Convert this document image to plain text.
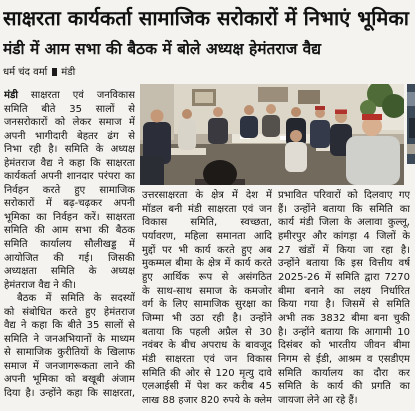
साक्षरता कार्यकर्ता सामाजिक सरोकारों में निभाएं भूमिका
मंडी में आम सभा की बैठक में बोले अध्यक्ष हेमंतराज वैद्य
धर्म चंद वर्मा मंडी
मंडी साक्षरता एवं जनविकास
समिति बीते 35 सालों से
जनसरोकारों को लेकर समाज में
अपनी भागीदारी बेहतर ढंग से
निभा रही है। समिति के अध्यक्ष
हेमंतराज वैद्य ने कहा कि साक्षरता
कार्यकर्ता अपनी शानदार परंपरा का
निर्वहन करते हुए सामाजिक
सरोकारों में बढ़-चढ़कर अपनी
भूमिका का निर्वहन करें। साक्षरता
समिति की आम सभा की बैठक
समिति कार्यालय सौलीखड्ड में
आयोजित की गई। जिसकी
अध्यक्षता समिति के अध्यक्ष
हेमंतराज वैद्य ने की।
बैठक में समिति के सदस्यों
को संबोधित करते हुए हेमंतराज
वैद्य ने कहा कि बीते 35 सालों से
समिति ने जनअभियानों के माध्यम
से सामाजिक कुरीतियों के खिलाफ
समाज में जनजागरूकता लाने की
अपनी भूमिका को बखूबी अंजाम
दिया है। उन्होंने कहा कि साक्षरता,
उत्तरसाक्षरता के क्षेत्र में देश में
मॉडल बनी मंडी साक्षरता एवं जन
विकास समिति, स्वच्छता,
पर्यावरण, महिला समानता आदि
मुद्दों पर भी कार्य करते हुए अब
मुकम्मल बीमा के क्षेत्र में कार्य करते
हुए आर्थिक रूप से असंगठित
के साथ-साथ समाज के कमजोर
वर्ग के लिए सामाजिक सुरक्षा का
जिम्मा भी उठा रही है। उन्होंने
बताया कि पहली अप्रैल से 30
नवंबर के बीच अपराध के बावजूद
मंडी साक्षरता एवं जन विकास
समिति की ओर से 120 मृत्यु दावे
एलआईसी में पेश कर करीब 45
लाख 88 हजार 820 रुपये के क्लेम
प्रभावित परिवारों को दिलवाए गए
हैं। उन्होंने बताया कि समिति का
कार्य मंडी जिला के अलावा कुल्लू,
हमीरपुर और कांगड़ा 4 जिलों के
27 खंडों में किया जा रहा है।
उन्होंने बताया कि इस वित्तीय वर्ष
2025-26 में समिति द्वारा 7270
बीमा बनाने का लक्ष्य निर्धारित
किया गया है। जिसमें से समिति
अभी तक 3832 बीमा बना चुकी
है। उन्होंने बताया कि आगामी 10
दिसंबर को भारतीय जीवन बीमा
निगम से ईडी, आश्रम व एसडीएम
समिति कार्यालय का दौरा कर
समिति के कार्य की प्रगति का
जायजा लेने आ रहे हैं।
